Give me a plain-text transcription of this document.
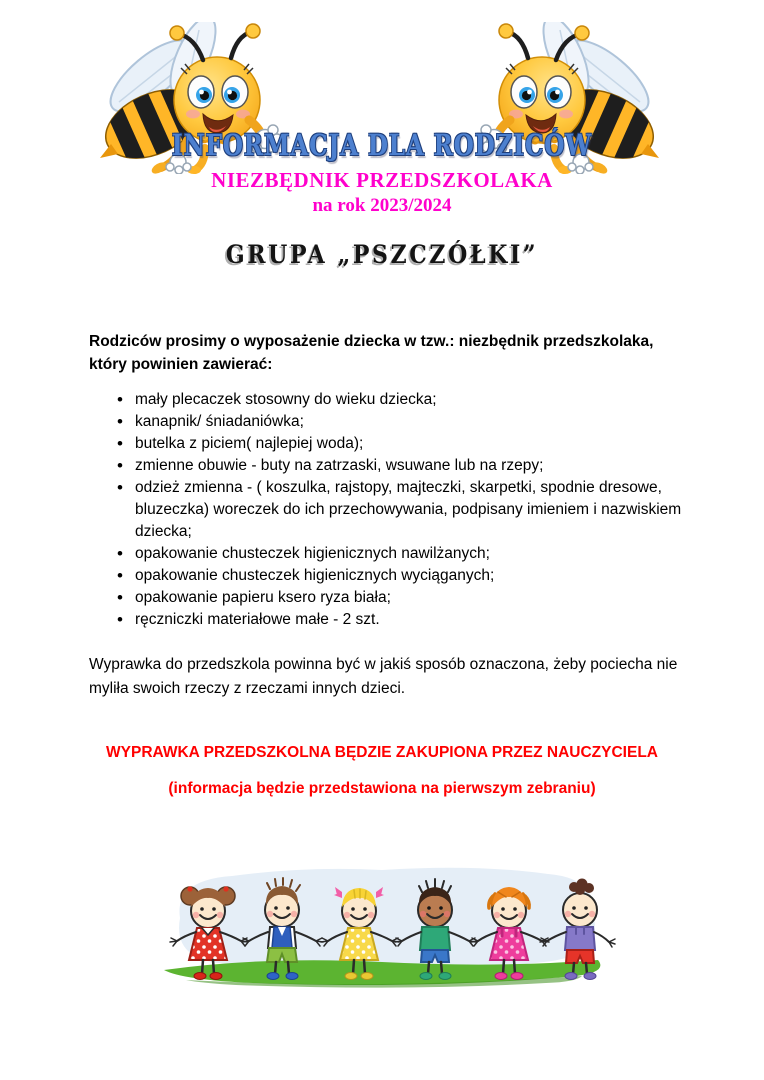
INFORMACJA DLA RODZICÓW
NIEZBĘDNIK PRZEDSZKOLAKA
na rok 2023/2024
GRUPA „PSZCZÓŁKI”

Rodziców prosimy o wyposażenie dziecka w tzw.: niezbędnik przedszkolaka, który powinien zawierać:

• mały plecaczek stosowny do wieku dziecka;
• kanapnik/ śniadaniówka;
• butelka z piciem( najlepiej woda);
• zmienne obuwie - buty na zatrzaski, wsuwane lub na rzepy;
• odzież zmienna - ( koszulka, rajstopy, majteczki, skarpetki, spodnie dresowe, bluzeczka) woreczek do ich przechowywania, podpisany imieniem i nazwiskiem dziecka;
• opakowanie chusteczek higienicznych nawilżanych;
• opakowanie chusteczek higienicznych wyciąganych;
• opakowanie papieru ksero ryza biała;
• ręczniczki materiałowe małe - 2 szt.

Wyprawka do przedszkola powinna być w jakiś sposób oznaczona, żeby pociecha nie myliła swoich rzeczy z rzeczami innych dzieci.

WYPRAWKA PRZEDSZKOLNA BĘDZIE ZAKUPIONA PRZEZ NAUCZYCIELA
(informacja będzie przedstawiona na pierwszym zebraniu)
